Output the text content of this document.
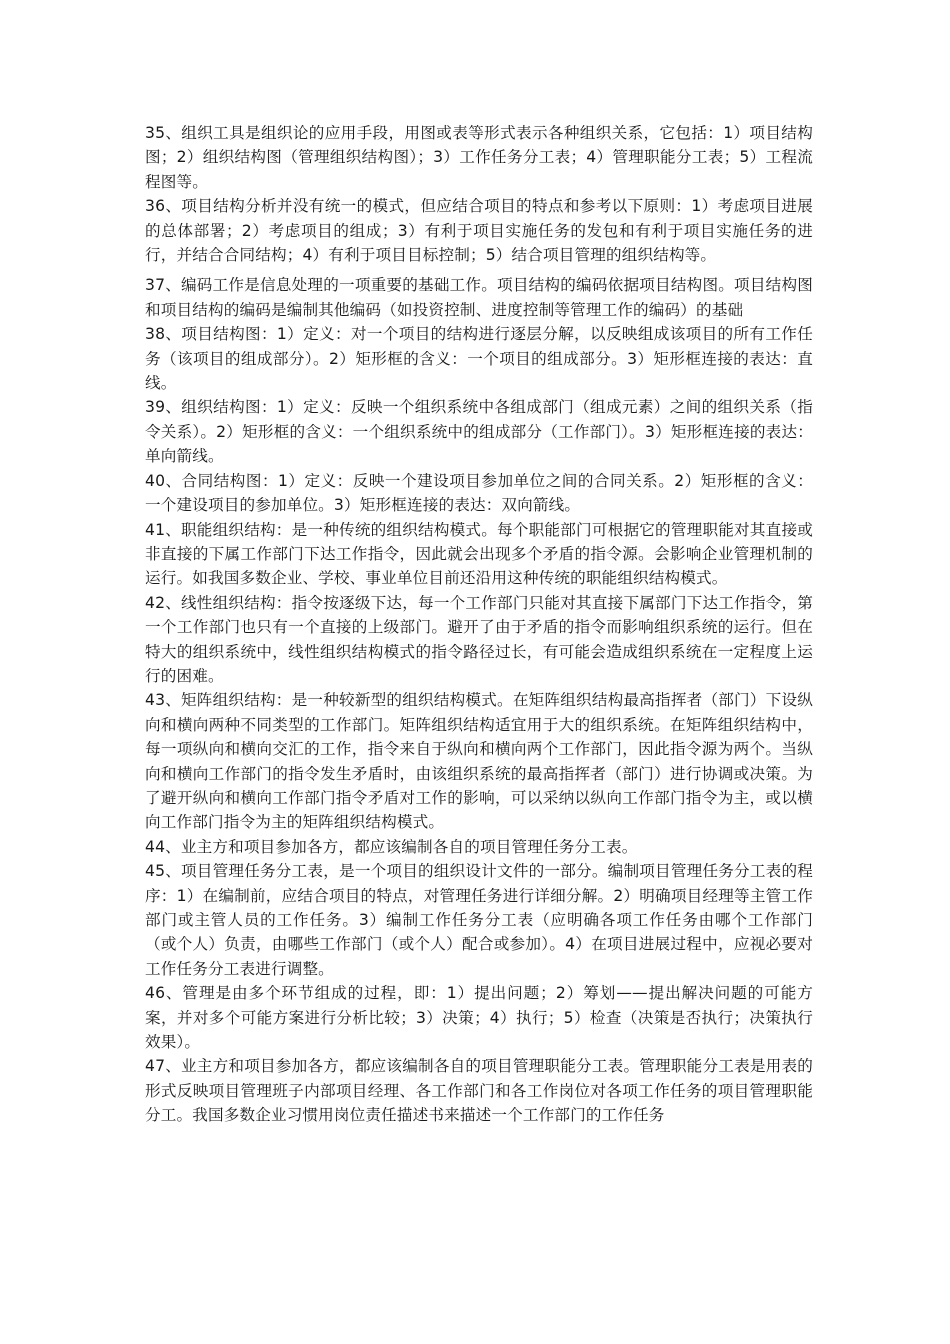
35、组织工具是组织论的应用手段，用图或表等形式表示各种组织关系，它包括：1）项目结构图；2）组织结构图（管理组织结构图）；3）工作任务分工表；4）管理职能分工表；5）工程流程图等。

36、项目结构分析并没有统一的模式，但应结合项目的特点和参考以下原则：1）考虑项目进展的总体部署；2）考虑项目的组成；3）有利于项目实施任务的发包和有利于项目实施任务的进行，并结合合同结构；4）有利于项目目标控制；5）结合项目管理的组织结构等。

37、编码工作是信息处理的一项重要的基础工作。项目结构的编码依据项目结构图。项目结构图和项目结构的编码是编制其他编码（如投资控制、进度控制等管理工作的编码）的基础

38、项目结构图：1）定义：对一个项目的结构进行逐层分解，以反映组成该项目的所有工作任务（该项目的组成部分）。2）矩形框的含义：一个项目的组成部分。3）矩形框连接的表达：直线。

39、组织结构图：1）定义：反映一个组织系统中各组成部门（组成元素）之间的组织关系（指令关系）。2）矩形框的含义：一个组织系统中的组成部分（工作部门）。3）矩形框连接的表达：单向箭线。

40、合同结构图：1）定义：反映一个建设项目参加单位之间的合同关系。2）矩形框的含义：一个建设项目的参加单位。3）矩形框连接的表达：双向箭线。

41、职能组织结构：是一种传统的组织结构模式。每个职能部门可根据它的管理职能对其直接或非直接的下属工作部门下达工作指令，因此就会出现多个矛盾的指令源。会影响企业管理机制的运行。如我国多数企业、学校、事业单位目前还沿用这种传统的职能组织结构模式。

42、线性组织结构：指令按逐级下达，每一个工作部门只能对其直接下属部门下达工作指令，第一个工作部门也只有一个直接的上级部门。避开了由于矛盾的指令而影响组织系统的运行。但在特大的组织系统中，线性组织结构模式的指令路径过长，有可能会造成组织系统在一定程度上运行的困难。

43、矩阵组织结构：是一种较新型的组织结构模式。在矩阵组织结构最高指挥者（部门）下设纵向和横向两种不同类型的工作部门。矩阵组织结构适宜用于大的组织系统。在矩阵组织结构中，每一项纵向和横向交汇的工作，指令来自于纵向和横向两个工作部门，因此指令源为两个。当纵向和横向工作部门的指令发生矛盾时，由该组织系统的最高指挥者（部门）进行协调或决策。为了避开纵向和横向工作部门指令矛盾对工作的影响，可以采纳以纵向工作部门指令为主，或以横向工作部门指令为主的矩阵组织结构模式。

44、业主方和项目参加各方，都应该编制各自的项目管理任务分工表。

45、项目管理任务分工表，是一个项目的组织设计文件的一部分。编制项目管理任务分工表的程序：1）在编制前，应结合项目的特点，对管理任务进行详细分解。2）明确项目经理等主管工作部门或主管人员的工作任务。3）编制工作任务分工表（应明确各项工作任务由哪个工作部门（或个人）负责，由哪些工作部门（或个人）配合或参加）。4）在项目进展过程中，应视必要对工作任务分工表进行调整。

46、管理是由多个环节组成的过程，即：1）提出问题；2）筹划——提出解决问题的可能方案，并对多个可能方案进行分析比较；3）决策；4）执行；5）检查（决策是否执行；决策执行效果）。

47、业主方和项目参加各方，都应该编制各自的项目管理职能分工表。管理职能分工表是用表的形式反映项目管理班子内部项目经理、各工作部门和各工作岗位对各项工作任务的项目管理职能分工。我国多数企业习惯用岗位责任描述书来描述一个工作部门的工作任务
